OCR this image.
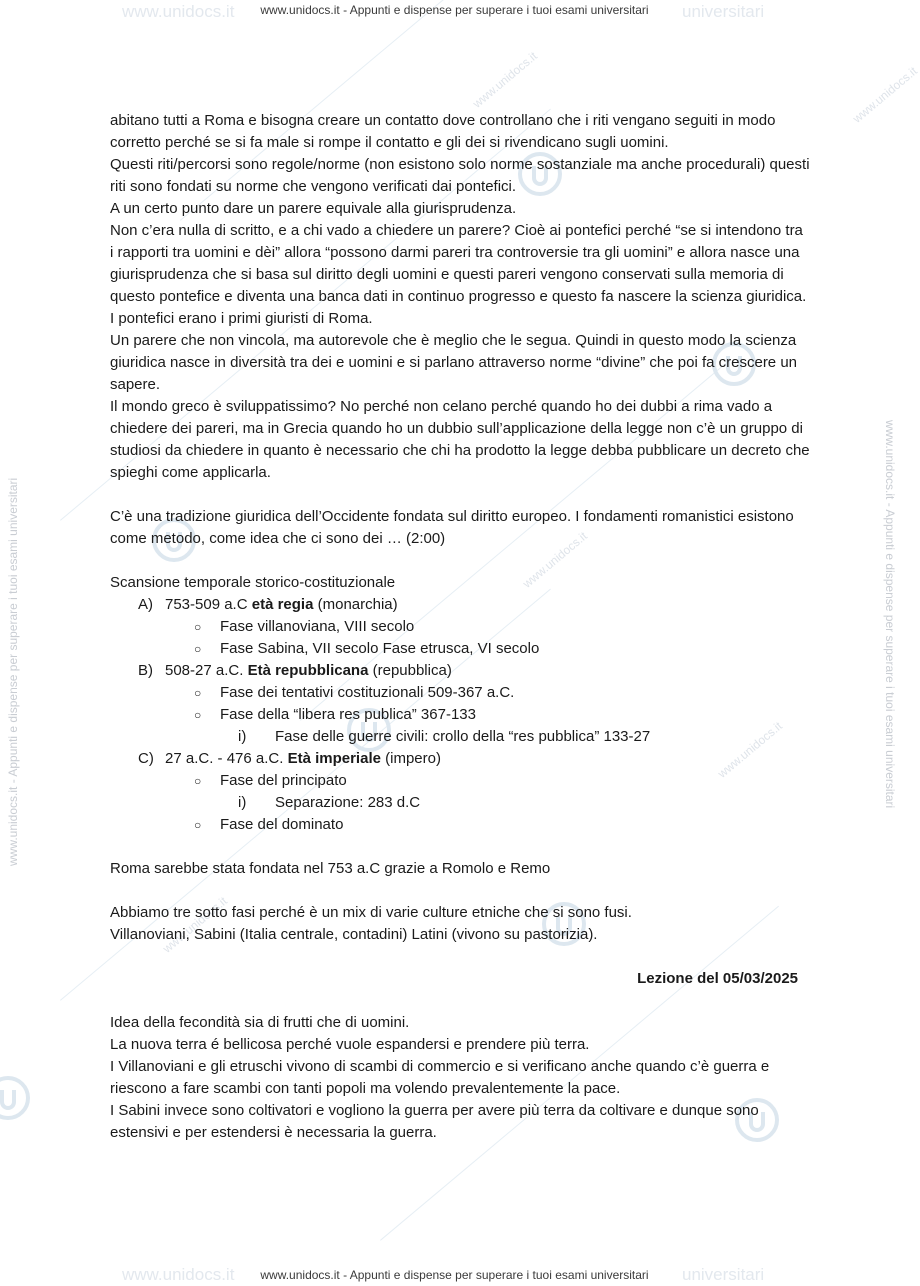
www.unidocs.it	www.unidocs.it
www.unidocs.it
www.unidocs.it
www.unidocs.it
www.unidocs.it - Appunti e dispense per superare i tuoi esami universitari	www.unidocs.it - Appunti e dispense per superare i tuoi esami universitari
www.unidocs.it	universitari
www.unidocs.it - Appunti e dispense per superare i tuoi esami universitari
www.unidocs.it	universitari
www.unidocs.it - Appunti e dispense per superare i tuoi esami universitari

abitano tutti a Roma e bisogna creare un contatto dove controllano che i riti vengano seguiti in modo corretto perché se si fa male si rompe il contatto e gli dei si rivendicano sugli uomini.

Questi riti/percorsi sono regole/norme (non esistono solo norme sostanziale ma anche procedurali) questi riti sono fondati su norme che vengono verificati dai pontefici.

A un certo punto dare un parere equivale alla giurisprudenza.

Non c’era nulla di scritto, e a chi vado a chiedere un parere? Cioè ai pontefici perché “se si intendono tra i rapporti tra uomini e dèi” allora “possono darmi pareri tra controversie tra gli uomini” e allora nasce una giurisprudenza che si basa sul diritto degli uomini e questi pareri vengono conservati sulla memoria di questo pontefice e diventa una banca dati in continuo progresso e questo fa nascere la scienza giuridica. I pontefici erano i primi giuristi di Roma.

Un parere che non vincola, ma autorevole che è meglio che le segua. Quindi in questo modo la scienza giuridica nasce in diversità tra dei e uomini e si parlano attraverso norme “divine” che poi fa crescere un sapere.

Il mondo greco è sviluppatissimo? No perché non celano perché quando ho dei dubbi a rima vado a chiedere dei pareri, ma in Grecia quando ho un dubbio sull’applicazione della legge non c’è un gruppo di studiosi da chiedere in quanto è necessario che chi ha prodotto la legge debba pubblicare un decreto che spieghi come applicarla.

C’è una tradizione giuridica dell’Occidente fondata sul diritto europeo. I fondamenti romanistici esistono come metodo, come idea che ci sono dei … (2:00)

Scansione temporale storico-costituzionale

A) 753-509 a.C età regia (monarchia)
○ Fase villanoviana, VIII secolo
○ Fase Sabina, VII secolo Fase etrusca, VI secolo
B) 508-27 a.C. Età repubblicana (repubblica)
○ Fase dei tentativi costituzionali 509-367 a.C.
○ Fase della “libera res publica” 367-133
i) Fase delle guerre civili: crollo della “res pubblica” 133-27
C) 27 a.C. - 476 a.C. Età imperiale (impero)
○ Fase del principato
i) Separazione: 283 d.C
○ Fase del dominato

Roma sarebbe stata fondata nel 753 a.C grazie a Romolo e Remo

Abbiamo tre sotto fasi perché è un mix di varie culture etniche che si sono fusi.

Villanoviani, Sabini (Italia centrale, contadini) Latini (vivono su pastorizia).

Lezione del 05/03/2025

Idea della fecondità sia di frutti che di uomini.

La nuova terra é bellicosa perché vuole espandersi e prendere più terra.

I Villanoviani e gli etruschi vivono di scambi di commercio e si verificano anche quando c’è guerra e riescono a fare scambi con tanti popoli ma volendo prevalentemente la pace.

I Sabini invece sono coltivatori e vogliono la guerra per avere più terra da coltivare e dunque sono estensivi e per estendersi è necessaria la guerra.
